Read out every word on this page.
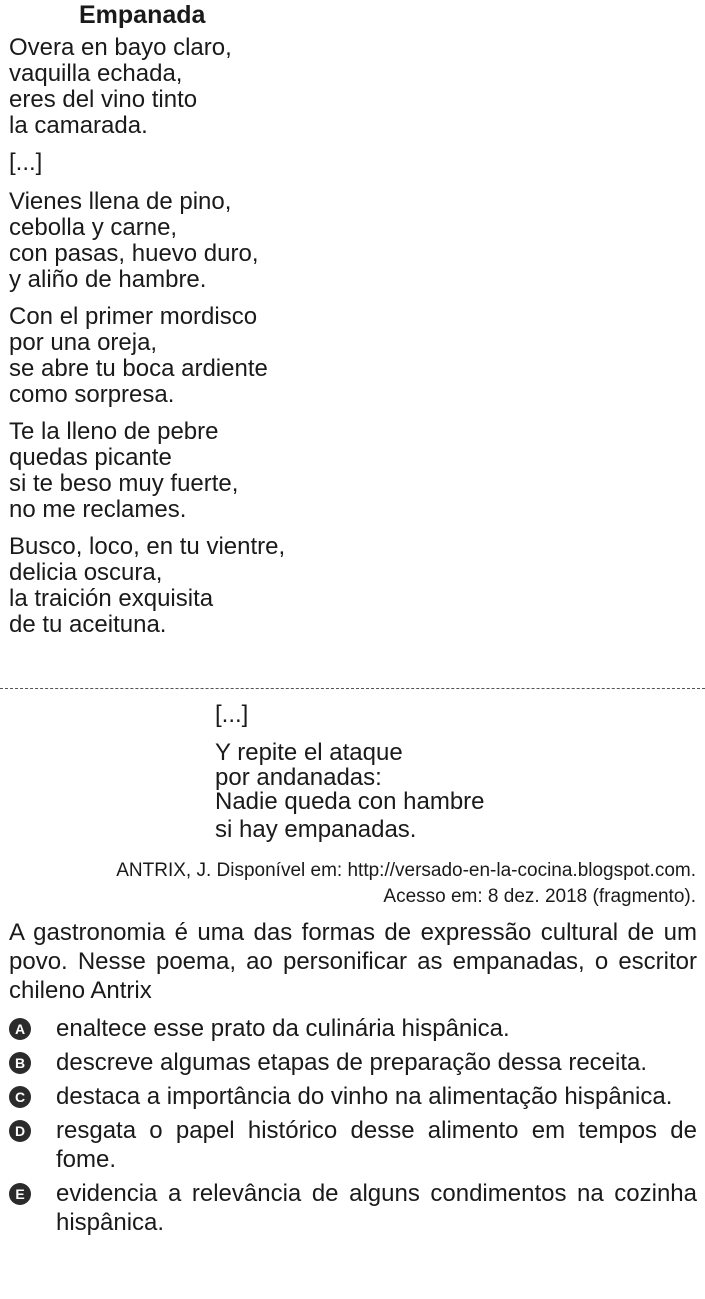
Empanada
Overa en bayo claro,
vaquilla echada,
eres del vino tinto
la camarada.
[...]
Vienes llena de pino,
cebolla y carne,
con pasas, huevo duro,
y aliño de hambre.
Con el primer mordisco
por una oreja,
se abre tu boca ardiente
como sorpresa.
Te la lleno de pebre
quedas picante
si te beso muy fuerte,
no me reclames.
Busco, loco, en tu vientre,
delicia oscura,
la traición exquisita
de tu aceituna.
[...]
Y repite el ataque
por andanadas:
Nadie queda con hambre
si hay empanadas.
ANTRIX, J. Disponível em: http://versado-en-la-cocina.blogspot.com.
Acesso em: 8 dez. 2018 (fragmento).
A gastronomia é uma das formas de expressão cultural de um povo. Nesse poema, ao personificar as empanadas, o escritor chileno Antrix
A enaltece esse prato da culinária hispânica.
B descreve algumas etapas de preparação dessa receita.
C destaca a importância do vinho na alimentação hispânica.
D resgata o papel histórico desse alimento em tempos de fome.
E evidencia a relevância de alguns condimentos na cozinha hispânica.
